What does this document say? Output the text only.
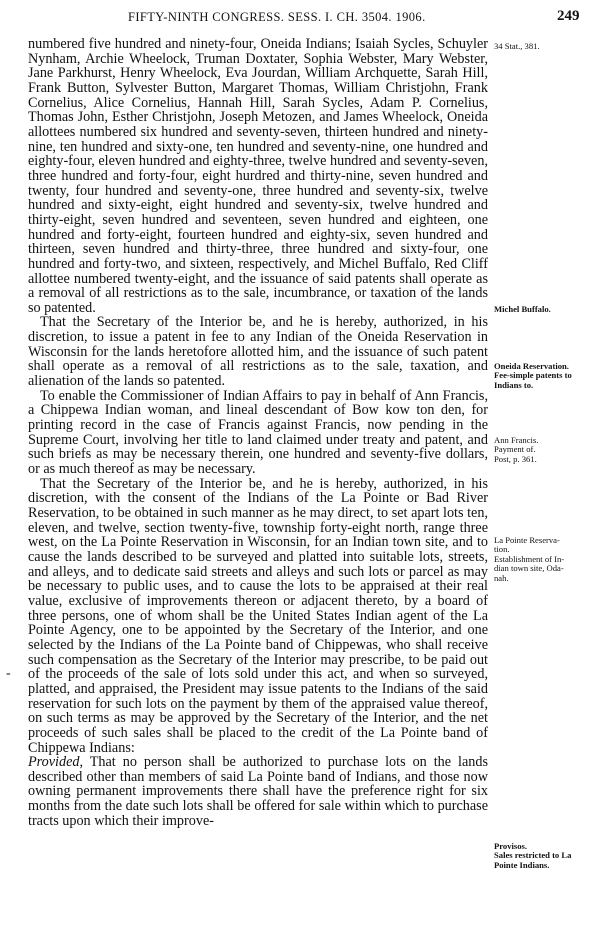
FIFTY-NINTH CONGRESS. SESS. I. CH. 3504. 1906.	249

numbered five hundred and ninety-four, Oneida Indians; Isaiah Sycles, Schuyler Nynham, Archie Wheelock, Truman Doxtater, Sophia Webster, Mary Webster, Jane Parkhurst, Henry Wheelock, Eva Jourdan, William Archquette, Sarah Hill, Frank Button, Sylvester Button, Margaret Thomas, William Christjohn, Frank Cornelius, Alice Cornelius, Hannah Hill, Sarah Sycles, Adam P. Cornelius, Thomas John, Esther Christjohn, Joseph Metozen, and James Wheelock, Oneida allottees numbered six hundred and seventy-seven, thirteen hundred and ninety-nine, ten hundred and sixty-one, ten hundred and seventy-nine, one hundred and eighty-four, eleven hundred and eighty-three, twelve hundred and seventy-seven, three hundred and forty-four, eight hurdred and thirty-nine, seven hundred and twenty, four hundred and seventy-one, three hundred and seventy-six, twelve hundred and sixty-eight, eight hundred and seventy-six, twelve hundred and thirty-eight, seven hundred and seventeen, seven hundred and eighteen, one hundred and forty-eight, fourteen hundred and eighty-six, seven hundred and thirteen, seven hundred and thirty-three, three hundred and sixty-four, one hundred and forty-two, and sixteen, respectively, and Michel Buffalo, Red Cliff allottee numbered twenty-eight, and the issuance of said patents shall operate as a removal of all restrictions as to the sale, incumbrance, or taxation of the lands so patented.

That the Secretary of the Interior be, and he is hereby, authorized, in his discretion, to issue a patent in fee to any Indian of the Oneida Reservation in Wisconsin for the lands heretofore allotted him, and the issuance of such patent shall operate as a removal of all restrictions as to the sale, taxation, and alienation of the lands so patented.

To enable the Commissioner of Indian Affairs to pay in behalf of Ann Francis, a Chippewa Indian woman, and lineal descendant of Bow kow ton den, for printing record in the case of Francis against Francis, now pending in the Supreme Court, involving her title to land claimed under treaty and patent, and such briefs as may be necessary therein, one hundred and seventy-five dollars, or as much thereof as may be necessary.

That the Secretary of the Interior be, and he is hereby, authorized, in his discretion, with the consent of the Indians of the La Pointe or Bad River Reservation, to be obtained in such manner as he may direct, to set apart lots ten, eleven, and twelve, section twenty-five, township forty-eight north, range three west, on the La Pointe Reservation in Wisconsin, for an Indian town site, and to cause the lands described to be surveyed and platted into suitable lots, streets, and alleys, and to dedicate said streets and alleys and such lots or parcel as may be necessary to public uses, and to cause the lots to be appraised at their real value, exclusive of improvements thereon or adjacent thereto, by a board of three persons, one of whom shall be the United States Indian agent of the La Pointe Agency, one to be appointed by the Secretary of the Interior, and one selected by the Indians of the La Pointe band of Chippewas, who shall receive such compensation as the Secretary of the Interior may prescribe, to be paid out of the proceeds of the sale of lots sold under this act, and when so surveyed, platted, and appraised, the President may issue patents to the Indians of the said reservation for such lots on the payment by them of the appraised value thereof, on such terms as may be approved by the Secretary of the Interior, and the net proceeds of such sales shall be placed to the credit of the La Pointe band of Chippewa Indians:

Provided, That no person shall be authorized to purchase lots on the lands described other than members of said La Pointe band of Indians, and those now owning permanent improvements there shall have the preference right for six months from the date such lots shall be offered for sale within which to purchase tracts upon which their improve-

34 Stat., 381.
Michel Buffalo.
Oneida Reservation.
Fee-simple patents to
Indians to.
Ann Francis.
Payment of.
Post, p. 361.
La Pointe Reserva-
tion.
Establishment of In-
dian town site, Oda-
nah.
Provisos.
Sales restricted to La
Pointe Indians.
-
